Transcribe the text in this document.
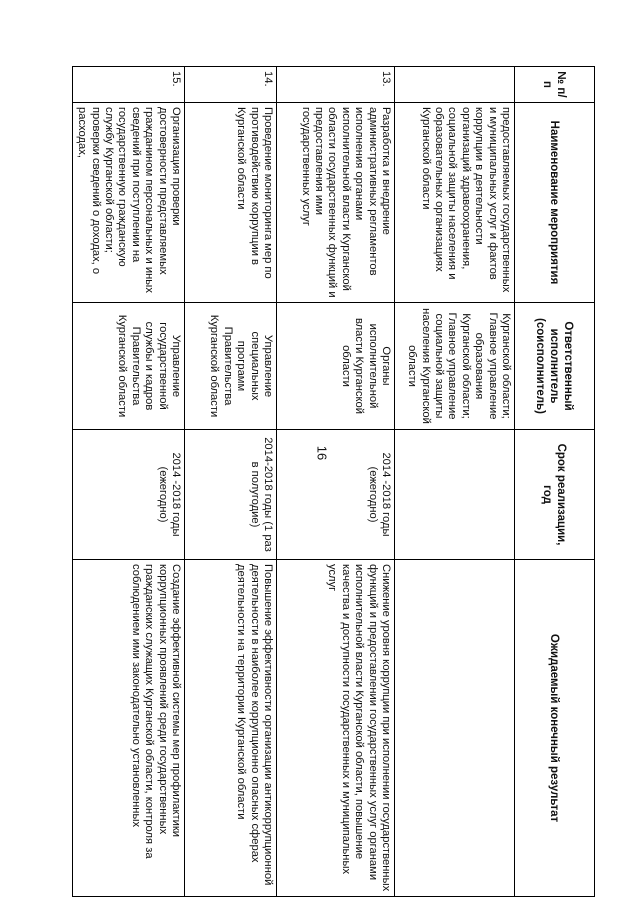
16
№ п/п	Наименование мероприятия	Ответственный исполнитель (соисполнитель)	Срок реализации, год	Ожидаемый конечный результат
	предоставляемых государственных и муниципальных услуг и фактов коррупции в деятельности организаций здравоохранения, социальной защиты населения и образовательных организациях Курганской области	Курганской области; Главное управление образования Курганской области; Главное управление социальной защиты населения Курганской области		
13.	Разработка и внедрение административных регламентов исполнения органами исполнительной власти Курганской области государственных функций и предоставления ими государственных услуг	Органы исполнительной власти Курганской области	2014 -2018 годы (ежегодно)	Снижение уровня коррупции при исполнении государственных функций и предоставлении государственных услуг органами исполнительной власти Курганской области, повышение качества и доступности государственных и муниципальных услуг
14.	Проведение мониторинга мер по противодействию коррупции в Курганской области	Управление специальных программ Правительства Курганской области	2014-2018 годы (1 раз в полугодие)	Повышение эффективности организации антикоррупционной деятельности в наиболее коррупционно опасных сферах деятельности на территории Курганской области
15.	Организация проверки достоверности представляемых гражданином персональных и иных сведений при поступлении на государственную гражданскую службу Курганской области; проверки сведений о доходах, о расходах,	Управление государственной службы и кадров Правительства Курганской области	2014 -2018 годы (ежегодно)	Создание эффективной системы мер профилактики коррупционных проявлений среди государственных гражданских служащих Курганской области, контроля за соблюдением ими законодательно установленных
